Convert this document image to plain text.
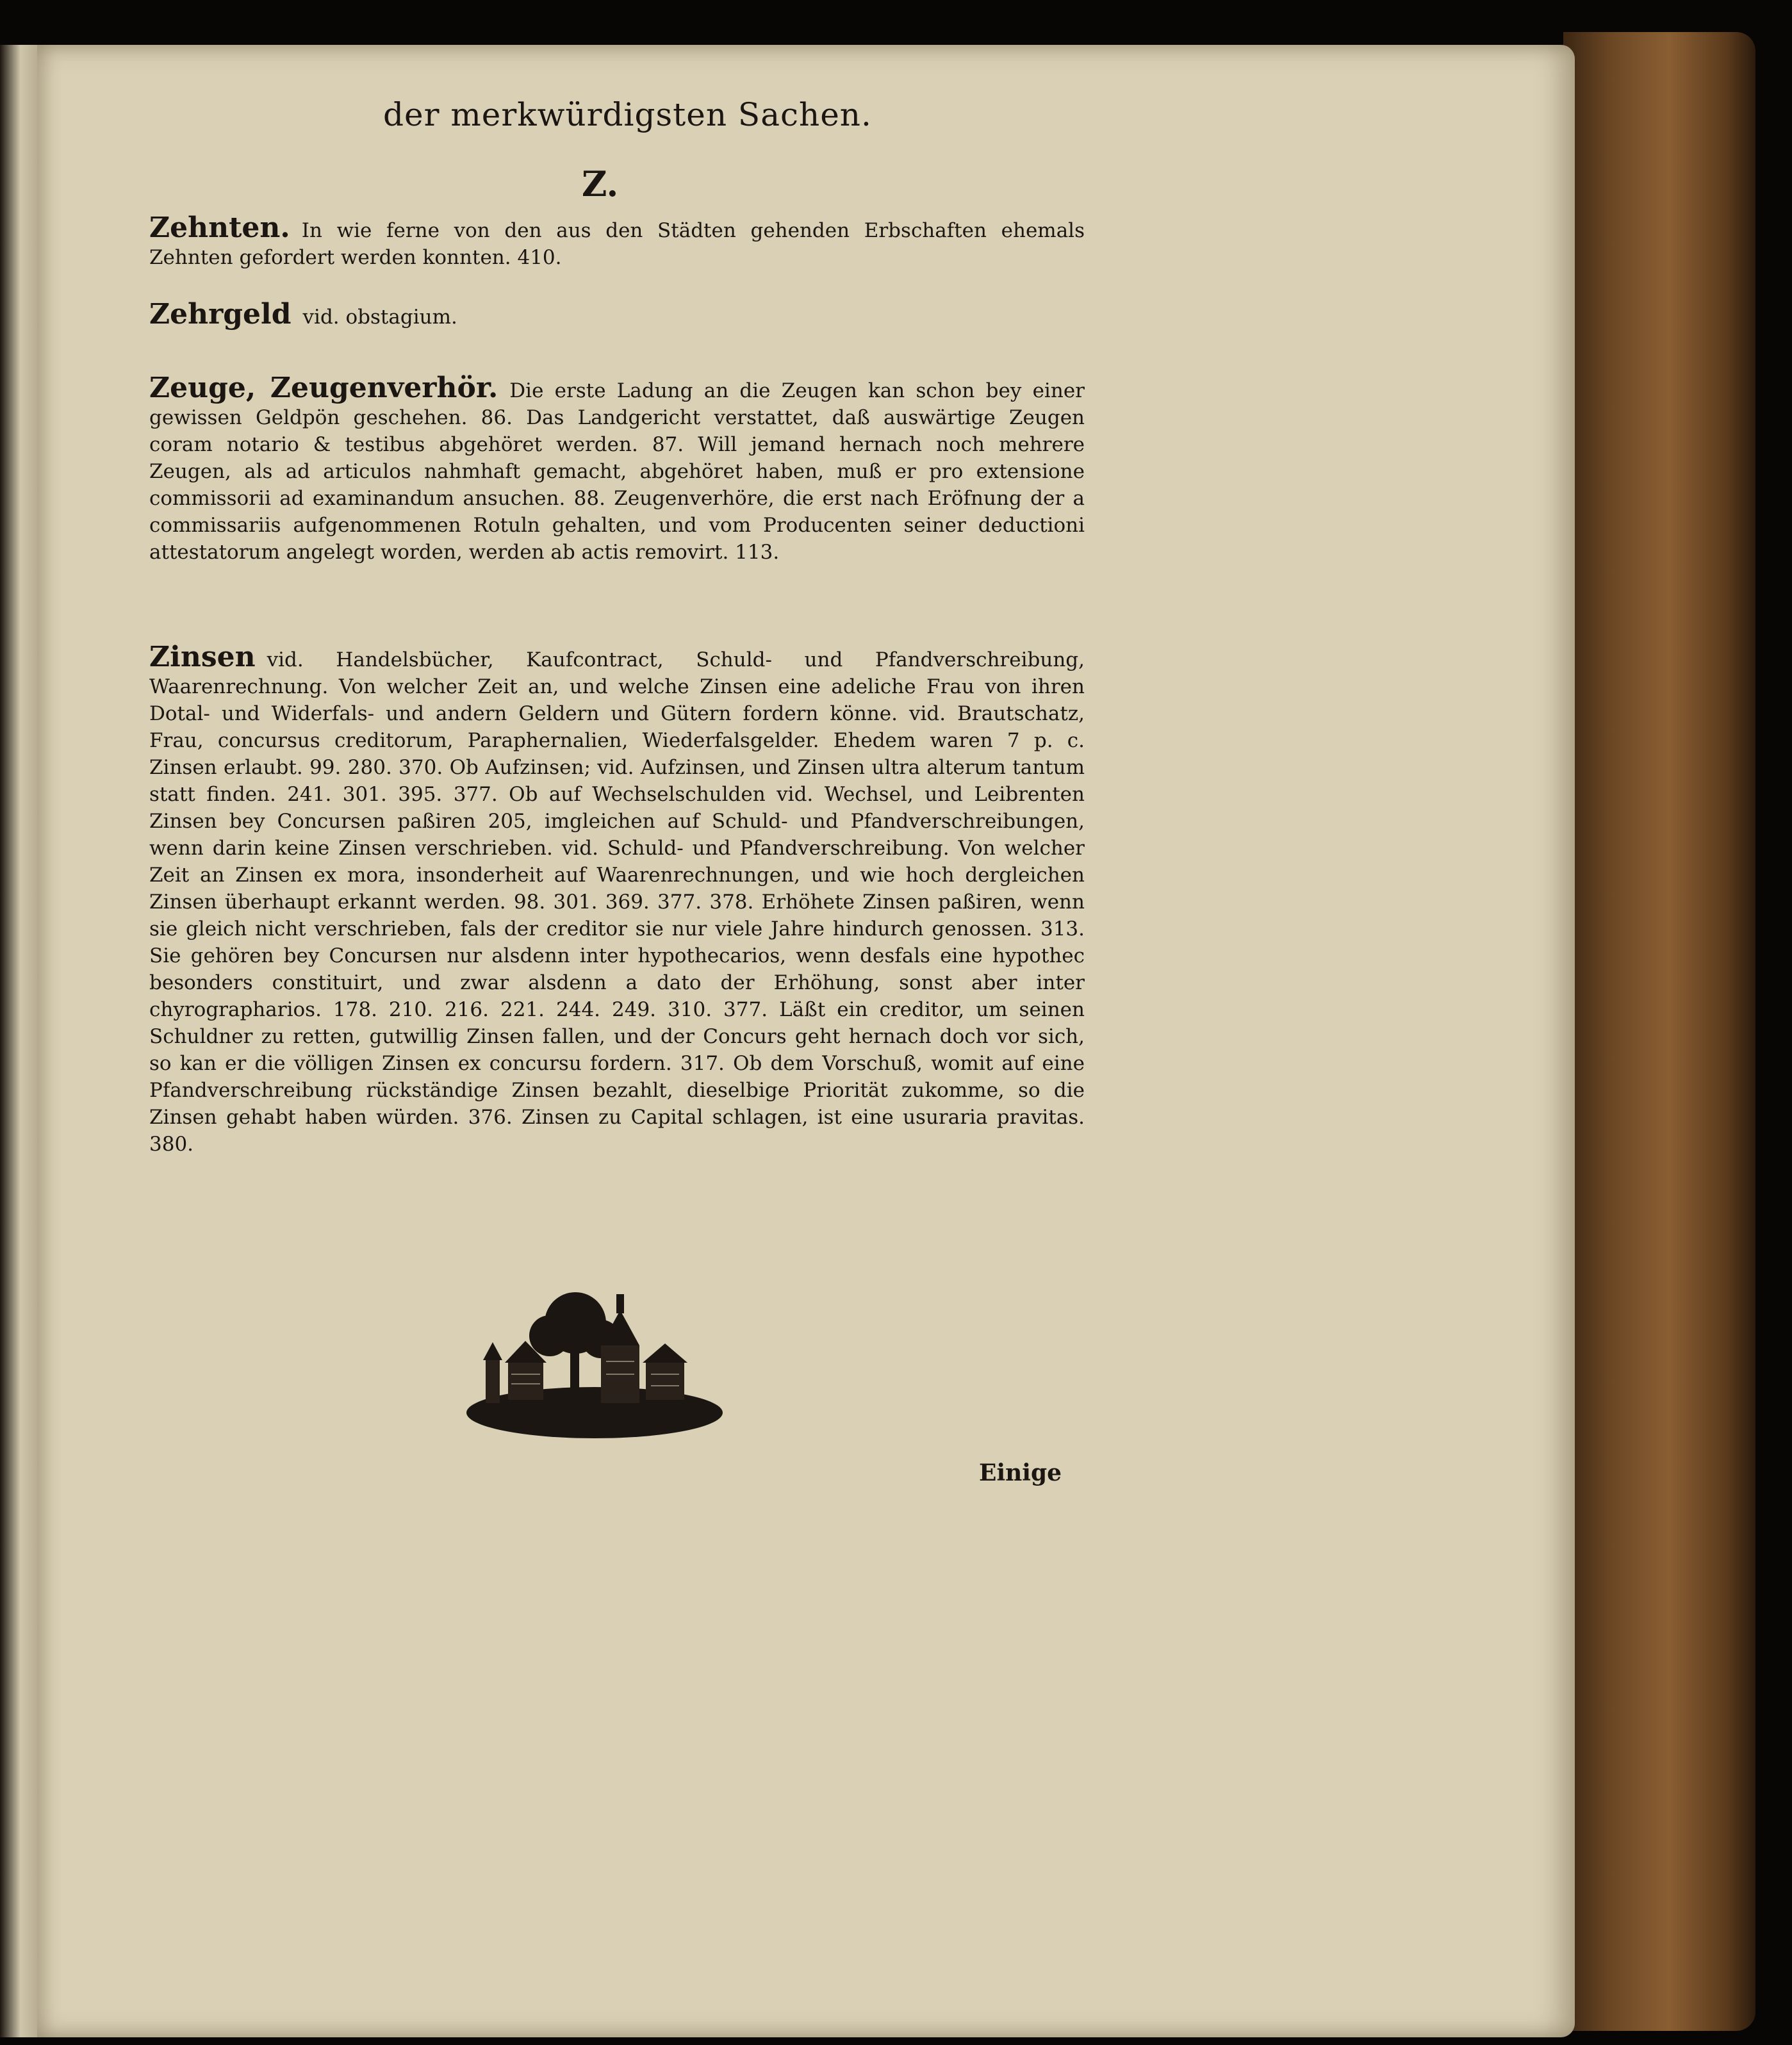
der merkwürdigsten Sachen.
Z.
Zehnten. In wie ferne von den aus den Städten gehenden Erbschaften ehemals Zehnten gefordert werden konnten. 410.
Zehrgeld vid. obstagium.
Zeuge, Zeugenverhör. Die erste Ladung an die Zeugen kan schon bey einer gewissen Geldpön geschehen. 86. Das Landgericht verstattet, daß auswärtige Zeugen coram notario & testibus abgehöret werden. 87. Will jemand hernach noch mehrere Zeugen, als ad articulos nahmhaft gemacht, abgehöret haben, muß er pro extensione commissorii ad examinandum ansuchen. 88. Zeugenverhöre, die erst nach Eröfnung der a commissariis aufgenommenen Rotuln gehalten, und vom Producenten seiner deductioni attestatorum angelegt worden, werden ab actis removirt. 113.
Zinsen vid. Handelsbücher, Kaufcontract, Schuld- und Pfandverschreibung, Waarenrechnung. Von welcher Zeit an, und welche Zinsen eine adeliche Frau von ihren Dotal- und Widerfals- und andern Geldern und Gütern fordern könne. vid. Brautschatz, Frau, concursus creditorum, Paraphernalien, Wiederfalsgelder. Ehedem waren 7 p. c. Zinsen erlaubt. 99. 280. 370. Ob Aufzinsen; vid. Aufzinsen, und Zinsen ultra alterum tantum statt finden. 241. 301. 395. 377. Ob auf Wechselschulden vid. Wechsel, und Leibrenten Zinsen bey Concursen paßiren 205, imgleichen auf Schuld- und Pfandverschreibungen, wenn darin keine Zinsen verschrieben. vid. Schuld- und Pfandverschreibung. Von welcher Zeit an Zinsen ex mora, insonderheit auf Waarenrechnungen, und wie hoch dergleichen Zinsen überhaupt erkannt werden. 98. 301. 369. 377. 378. Erhöhete Zinsen paßiren, wenn sie gleich nicht verschrieben, fals der creditor sie nur viele Jahre hindurch genossen. 313. Sie gehören bey Concursen nur alsdenn inter hypothecarios, wenn desfals eine hypothec besonders constituirt, und zwar alsdenn a dato der Erhöhung, sonst aber inter chyrographarios. 178. 210. 216. 221. 244. 249. 310. 377. Läßt ein creditor, um seinen Schuldner zu retten, gutwillig Zinsen fallen, und der Concurs geht hernach doch vor sich, so kan er die völligen Zinsen ex concursu fordern. 317. Ob dem Vorschuß, womit auf eine Pfandverschreibung rückständige Zinsen bezahlt, dieselbige Priorität zukomme, so die Zinsen gehabt haben würden. 376. Zinsen zu Capital schlagen, ist eine usuraria pravitas. 380.
Einige
